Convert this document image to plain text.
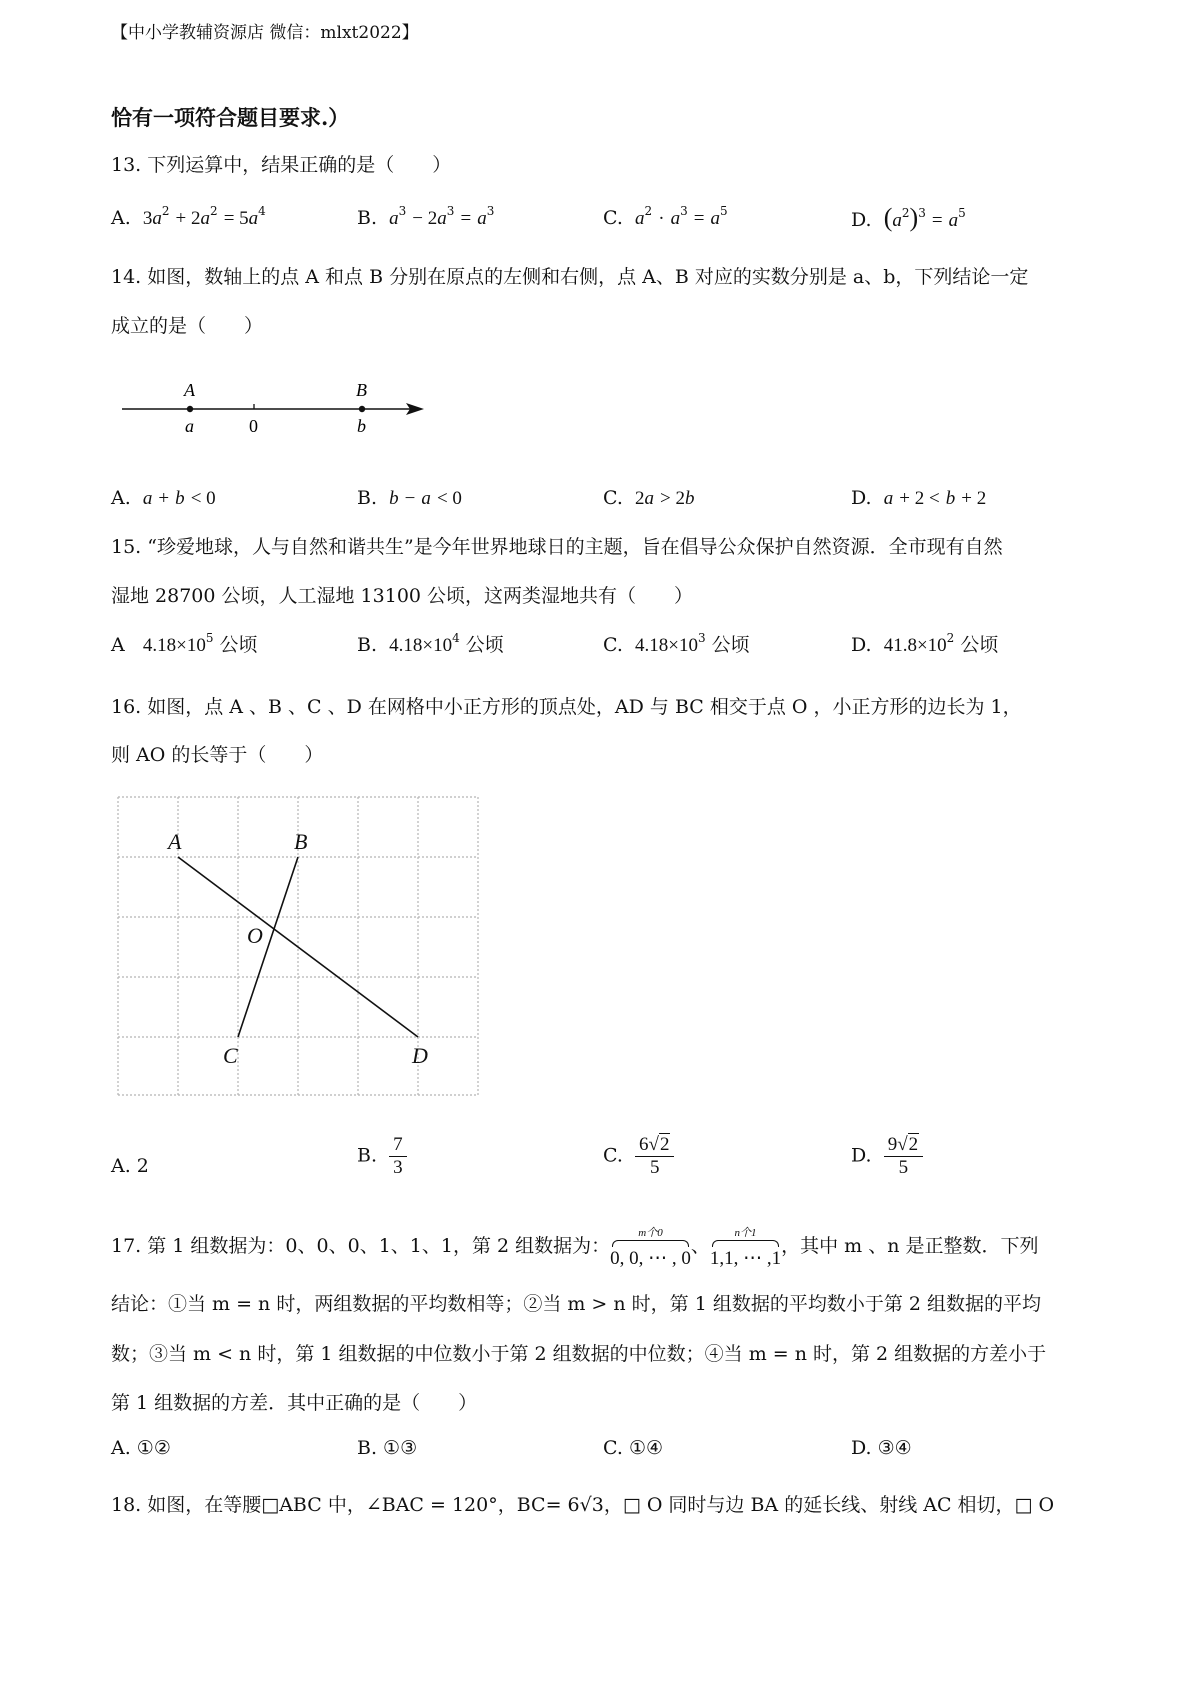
【中小学教辅资源店 微信：mlxt2022】
恰有一项符合题目要求.）
13. 下列运算中，结果正确的是（　　）
A. $3a^2 + 2a^2 = 5a^4$	B. $a^3 - 2a^3 = a^3$	C. $a^2 \cdot a^3 = a^5$	D. $(a^2)^3 = a^5$
14. 如图，数轴上的点 A 和点 B 分别在原点的左侧和右侧，点 A、B 对应的实数分别是 a、b，下列结论一定
成立的是（　　）
A
a	0
B
b
A. a + b < 0	B. b − a < 0	C. 2a > 2b	D. a + 2 < b + 2
15. “珍爱地球，人与自然和谐共生”是今年世界地球日的主题，旨在倡导公众保护自然资源．全市现有自然
湿地 28700 公顷，人工湿地 13100 公顷，这两类湿地共有（　　）
A $4.18\times 10^5$ 公顷	B. $4.18\times 10^4$ 公顷	C. $4.18\times 10^3$ 公顷	D. $41.8\times 10^2$ 公顷
16. 如图，点 A 、B 、C 、D 在网格中小正方形的顶点处，AD 与 BC 相交于点 O ，小正方形的边长为 1，
则 AO 的长等于（　　）
A	B
O
C	D
A. 2	B. $\frac{7}{3}$	C. $\frac{6√2}{5}$	D. $\frac{9√2}{5}$
17. 第 1 组数据为：0、0、0、1、1、1，第 2 组数据为：
m个0
0, 0, ⋯ , 0
、
n个1
1,1, ⋯ ,1
，其中 m 、n 是正整数．下列
结论：①当 m = n 时，两组数据的平均数相等；②当 m > n 时，第 1 组数据的平均数小于第 2 组数据的平均
数；③当 m < n 时，第 1 组数据的中位数小于第 2 组数据的中位数；④当 m = n 时，第 2 组数据的方差小于
第 1 组数据的方差．其中正确的是（　　）
A. ①②	B. ①③	C. ①④	D. ③④
18. 如图，在等腰□ABC 中，∠BAC = 120°，BC= 6√3，□ O 同时与边 BA 的延长线、射线 AC 相切，□ O
